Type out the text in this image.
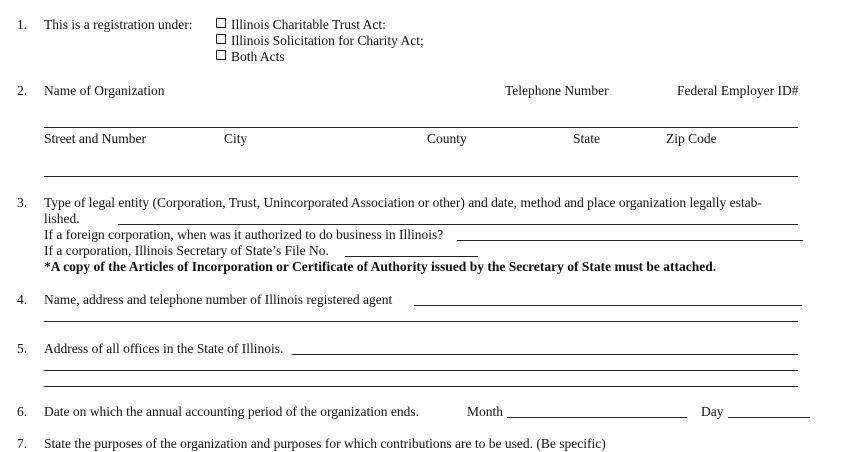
1. This is a registration under:	Illinois Charitable Trust Act:
Illinois Solicitation for Charity Act;
Both Acts
2. Name of Organization	Telephone Number	Federal Employer ID#
Street and Number	City	County	State	Zip Code
3. Type of legal entity (Corporation, Trust, Unincorporated Association or other) and date, method and place organization legally estab-
lished.
If a foreign corporation, when was it authorized to do business in Illinois?
If a corporation, Illinois Secretary of State’s File No.
*A copy of the Articles of Incorporation or Certificate of Authority issued by the Secretary of State must be attached.
4. Name, address and telephone number of Illinois registered agent
5. Address of all offices in the State of Illinois.
6. Date on which the annual accounting period of the organization ends.	Month	Day
7. State the purposes of the organization and purposes for which contributions are to be used. (Be specific)
